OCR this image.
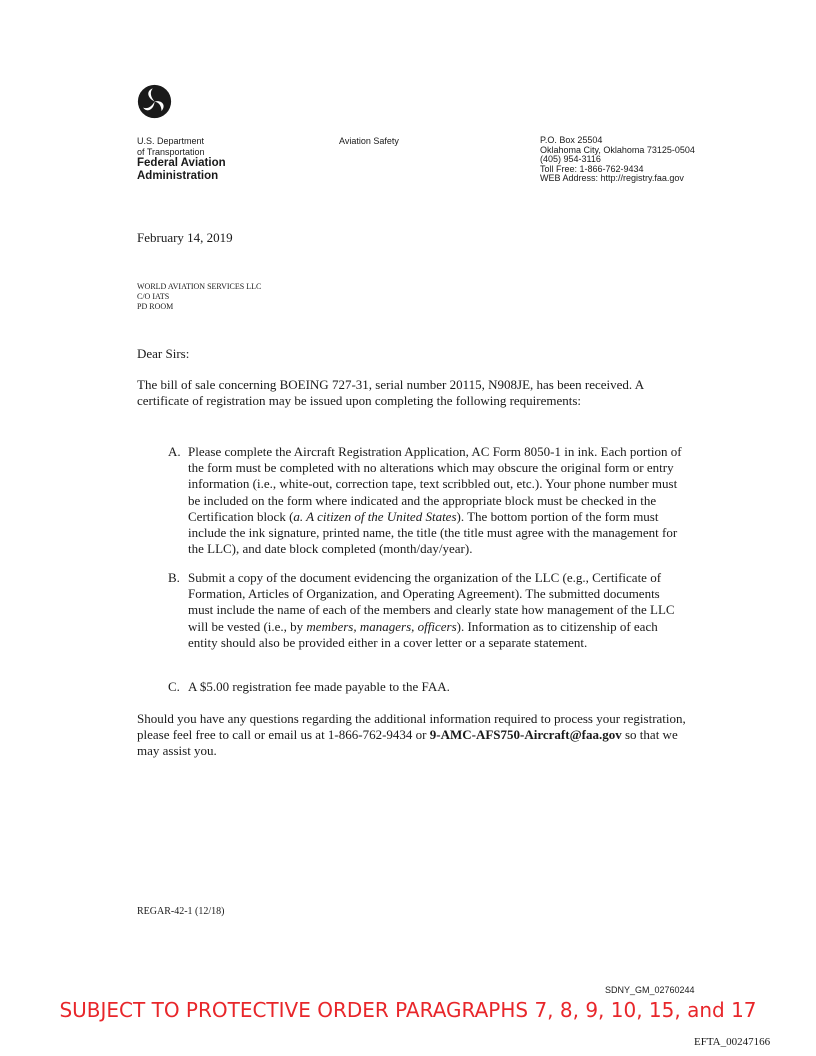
U.S. Department
of Transportation
Federal Aviation
Administration
Aviation Safety	P.O. Box 25504
Oklahoma City, Oklahoma 73125-0504
(405) 954-3116
Toll Free: 1-866-762-9434
WEB Address: http://registry.faa.gov
February 14, 2019
WORLD AVIATION SERVICES LLC
C/O IATS
PD ROOM
Dear Sirs:
The bill of sale concerning BOEING 727-31, serial number 20115, N908JE, has been received. A certificate of registration may be issued upon completing the following requirements:
A. Please complete the Aircraft Registration Application, AC Form 8050-1 in ink. Each portion of the form must be completed with no alterations which may obscure the original form or entry information (i.e., white-out, correction tape, text scribbled out, etc.). Your phone number must be included on the form where indicated and the appropriate block must be checked in the Certification block (a. A citizen of the United States). The bottom portion of the form must include the ink signature, printed name, the title (the title must agree with the management for the LLC), and date block completed (month/day/year).
B. Submit a copy of the document evidencing the organization of the LLC (e.g., Certificate of Formation, Articles of Organization, and Operating Agreement). The submitted documents must include the name of each of the members and clearly state how management of the LLC will be vested (i.e., by members, managers, officers). Information as to citizenship of each entity should also be provided either in a cover letter or a separate statement.
C. A $5.00 registration fee made payable to the FAA.
Should you have any questions regarding the additional information required to process your registration, please feel free to call or email us at 1-866-762-9434 or 9-AMC-AFS750-Aircraft@faa.gov so that we may assist you.
REGAR-42-1 (12/18)
SDNY_GM_02760244
SUBJECT TO PROTECTIVE ORDER PARAGRAPHS 7, 8, 9, 10, 15, and 17
EFTA_00247166
